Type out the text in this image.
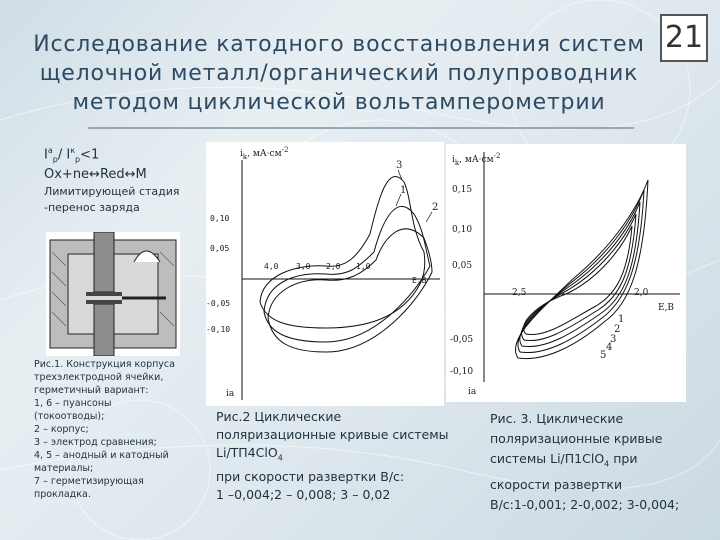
21
Исследование катодного восстановления систем
щелочной металл/органический полупроводник
методом циклической вольтамперометрии
$I^a_p/$ $I^к_p<1$
Ox+ne↔Red↔M
Лимитирующей стадия
-перенос заряда
Рис.1. Конструкция корпуса
трехэлектродной ячейки,
герметичный вариант:
1, 6 – пуансоны
(токоотводы);
2 – корпус;
3 – электрод сравнения;
4, 5 – анодный и катодный
материалы;
7 – герметизирующая
прокладка.
$i_k$, $мА\cdot см^{-2}$
0,10
0,05
-0,05
-0,10
4,0 3,0 2,0 1,0
E,B
ia
3
1
2
Рис.2 Циклические
поляризационные кривые системы
Li/TП4ClO$_4$
при скорости развертки В/с:
1 –0,004;2 – 0,008; 3 – 0,02
$i_k$, $мА\cdot см^{-2}$
0,15
0,10
0,05
-0,05
-0,10
2,5	2,0
E,B
ia
1
2
3
4
5
Рис. 3. Циклические
поляризационные кривые
системы Li/П1ClO$_4$ при
скорости развертки
В/с:1-0,001; 2-0,002; 3-0,004;
